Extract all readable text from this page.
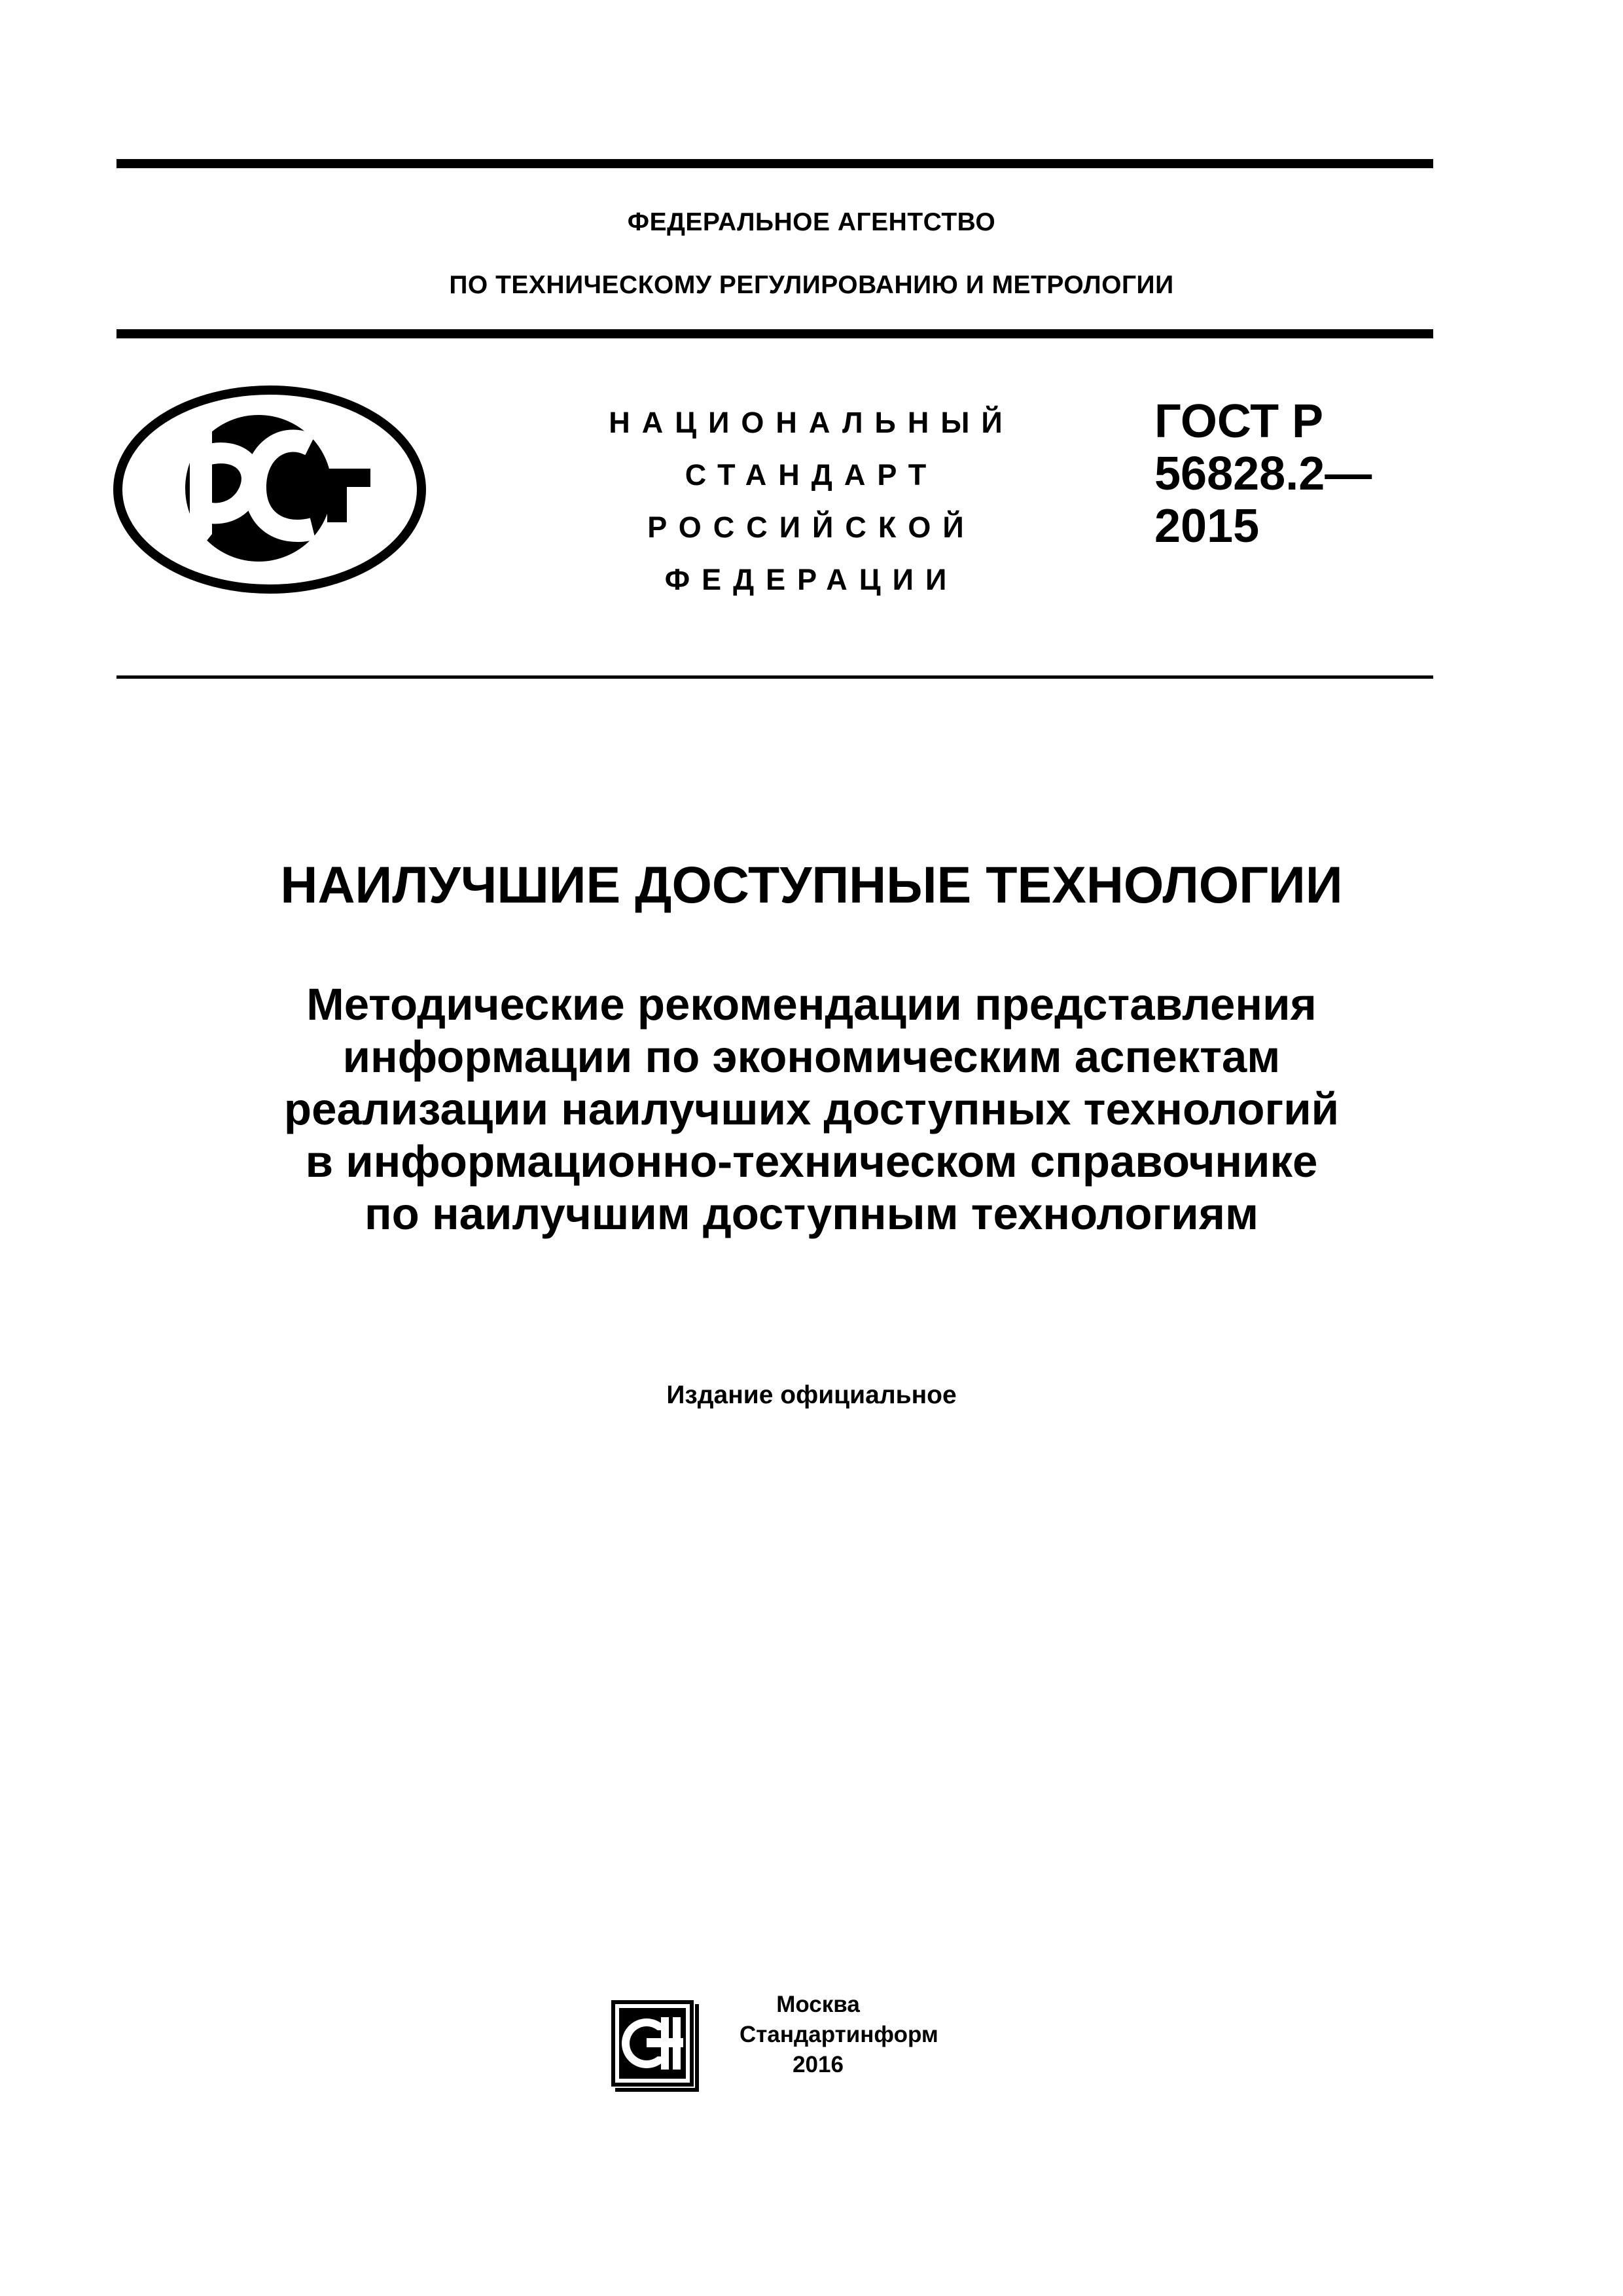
ФЕДЕРАЛЬНОЕ АГЕНТСТВО
ПО ТЕХНИЧЕСКОМУ РЕГУЛИРОВАНИЮ И МЕТРОЛОГИИ
НАЦИОНАЛЬНЫЙ
СТАНДАРТ
РОССИЙСКОЙ
ФЕДЕРАЦИИ
ГОСТ Р
56828.2—
2015
НАИЛУЧШИЕ ДОСТУПНЫЕ ТЕХНОЛОГИИ
Методические рекомендации представления
информации по экономическим аспектам
реализации наилучших доступных технологий
в информационно-техническом справочнике
по наилучшим доступным технологиям
Издание официальное
Москва
Стандартинформ
2016
